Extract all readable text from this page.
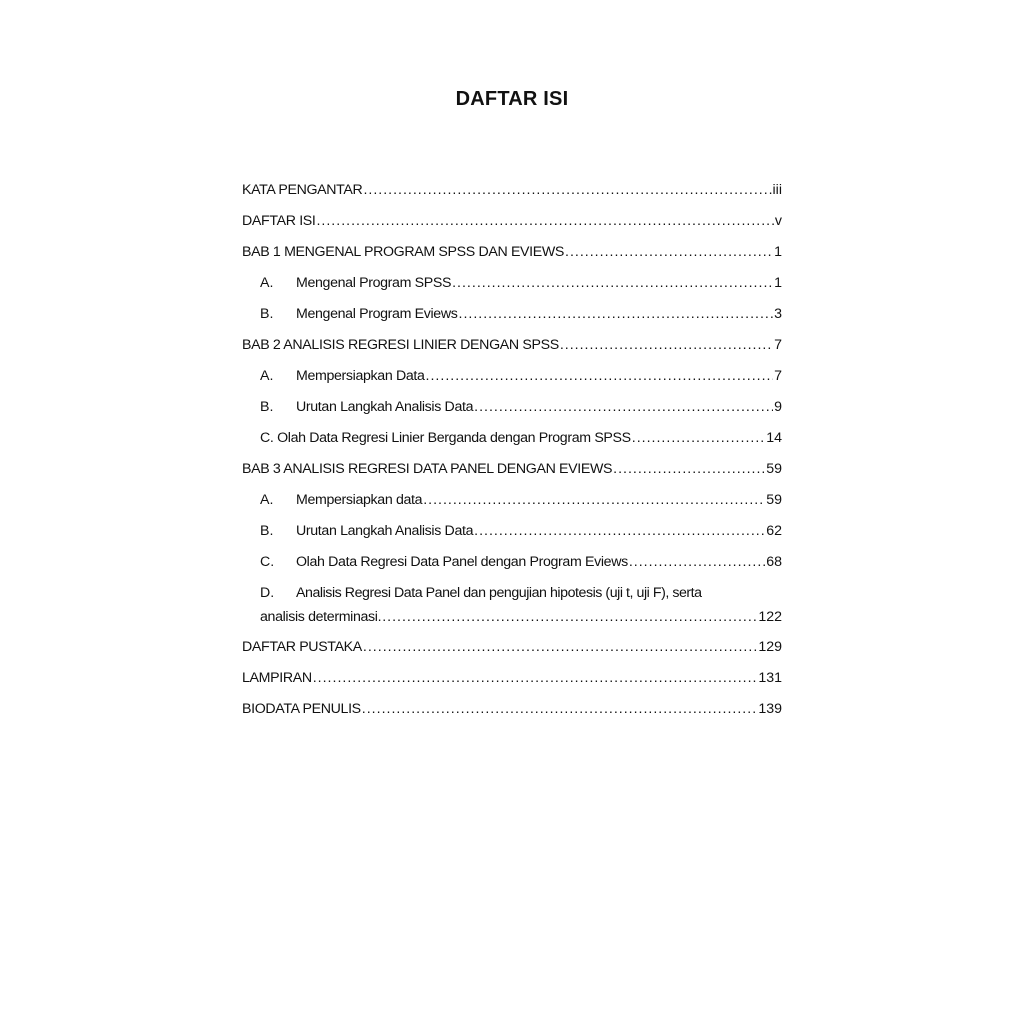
DAFTAR ISI
KATA PENGANTAR .....	iii
DAFTAR ISI .....	v
BAB 1 MENGENAL PROGRAM SPSS DAN EVIEWS .....	1
A.	Mengenal Program SPSS .....	1
B.	Mengenal Program Eviews .....	3
BAB 2 ANALISIS REGRESI LINIER DENGAN SPSS .....	7
A.	Mempersiapkan Data .....	7
B.	Urutan Langkah Analisis Data .....	9
C. Olah Data Regresi Linier Berganda dengan Program SPSS .....	14
BAB 3 ANALISIS REGRESI DATA PANEL DENGAN EVIEWS .....	59
A.	Mempersiapkan data .....	59
B.	Urutan Langkah Analisis Data .....	62
C.	Olah Data Regresi Data Panel dengan Program Eviews .....	68
D.	Analisis Regresi Data Panel dan pengujian hipotesis (uji t, uji F), serta
analisis determinasi. .....	122
DAFTAR PUSTAKA .....	129
LAMPIRAN .....	131
BIODATA PENULIS .....	139
